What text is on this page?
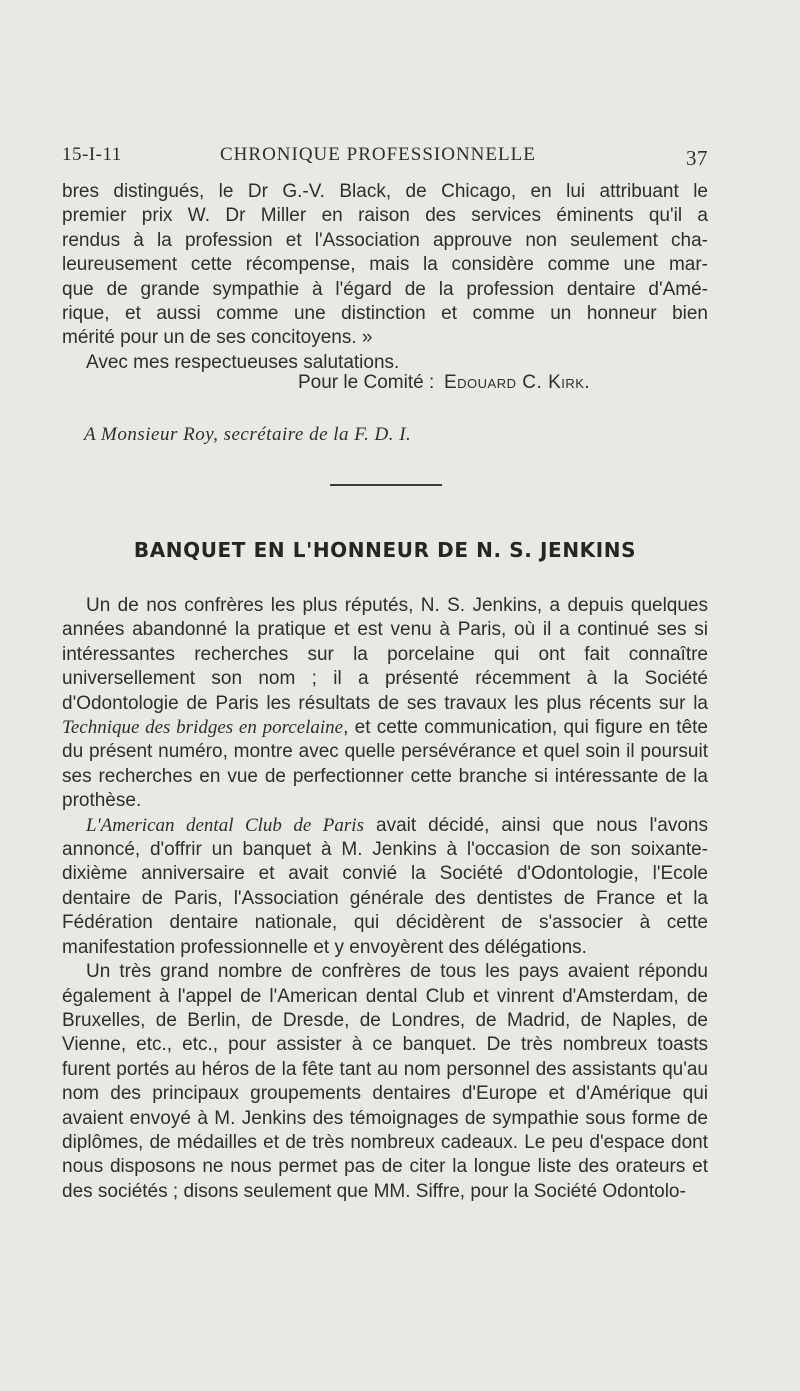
15-I-11	CHRONIQUE PROFESSIONNELLE	37
bres distingués, le Dr G.-V. Black, de Chicago, en lui attribuant le
premier prix W. Dr Miller en raison des services éminents qu'il a
rendus à la profession et l'Association approuve non seulement cha-
leureusement cette récompense, mais la considère comme une mar-
que de grande sympathie à l'égard de la profession dentaire d'Amé-
rique, et aussi comme une distinction et comme un honneur bien
mérité pour un de ses concitoyens. »
Avec mes respectueuses salutations.
Pour le Comité : Edouard C. Kirk.
A Monsieur Roy, secrétaire de la F. D. I.
BANQUET EN L'HONNEUR DE N. S. JENKINS

Un de nos confrères les plus réputés, N. S. Jenkins, a depuis quelques années abandonné la pratique et est venu à Paris, où il a continué ses si intéressantes recherches sur la porcelaine qui ont fait connaître universellement son nom ; il a présenté récemment à la Société d'Odontologie de Paris les résultats de ses travaux les plus récents sur la Technique des bridges en porcelaine, et cette communication, qui figure en tête du présent numéro, montre avec quelle persévérance et quel soin il poursuit ses recherches en vue de perfectionner cette branche si intéressante de la prothèse.

L'American dental Club de Paris avait décidé, ainsi que nous l'avons annoncé, d'offrir un banquet à M. Jenkins à l'occasion de son soixante-dixième anniversaire et avait convié la Société d'Odontologie, l'Ecole dentaire de Paris, l'Association générale des dentistes de France et la Fédération dentaire nationale, qui décidèrent de s'associer à cette manifestation professionnelle et y envoyèrent des délégations.

Un très grand nombre de confrères de tous les pays avaient répondu également à l'appel de l'American dental Club et vinrent d'Amsterdam, de Bruxelles, de Berlin, de Dresde, de Londres, de Madrid, de Naples, de Vienne, etc., etc., pour assister à ce banquet. De très nombreux toasts furent portés au héros de la fête tant au nom personnel des assistants qu'au nom des principaux groupements dentaires d'Europe et d'Amérique qui avaient envoyé à M. Jenkins des témoignages de sympathie sous forme de diplômes, de médailles et de très nombreux cadeaux. Le peu d'espace dont nous disposons ne nous permet pas de citer la longue liste des orateurs et des sociétés ; disons seulement que MM. Siffre, pour la Société Odontolo-
